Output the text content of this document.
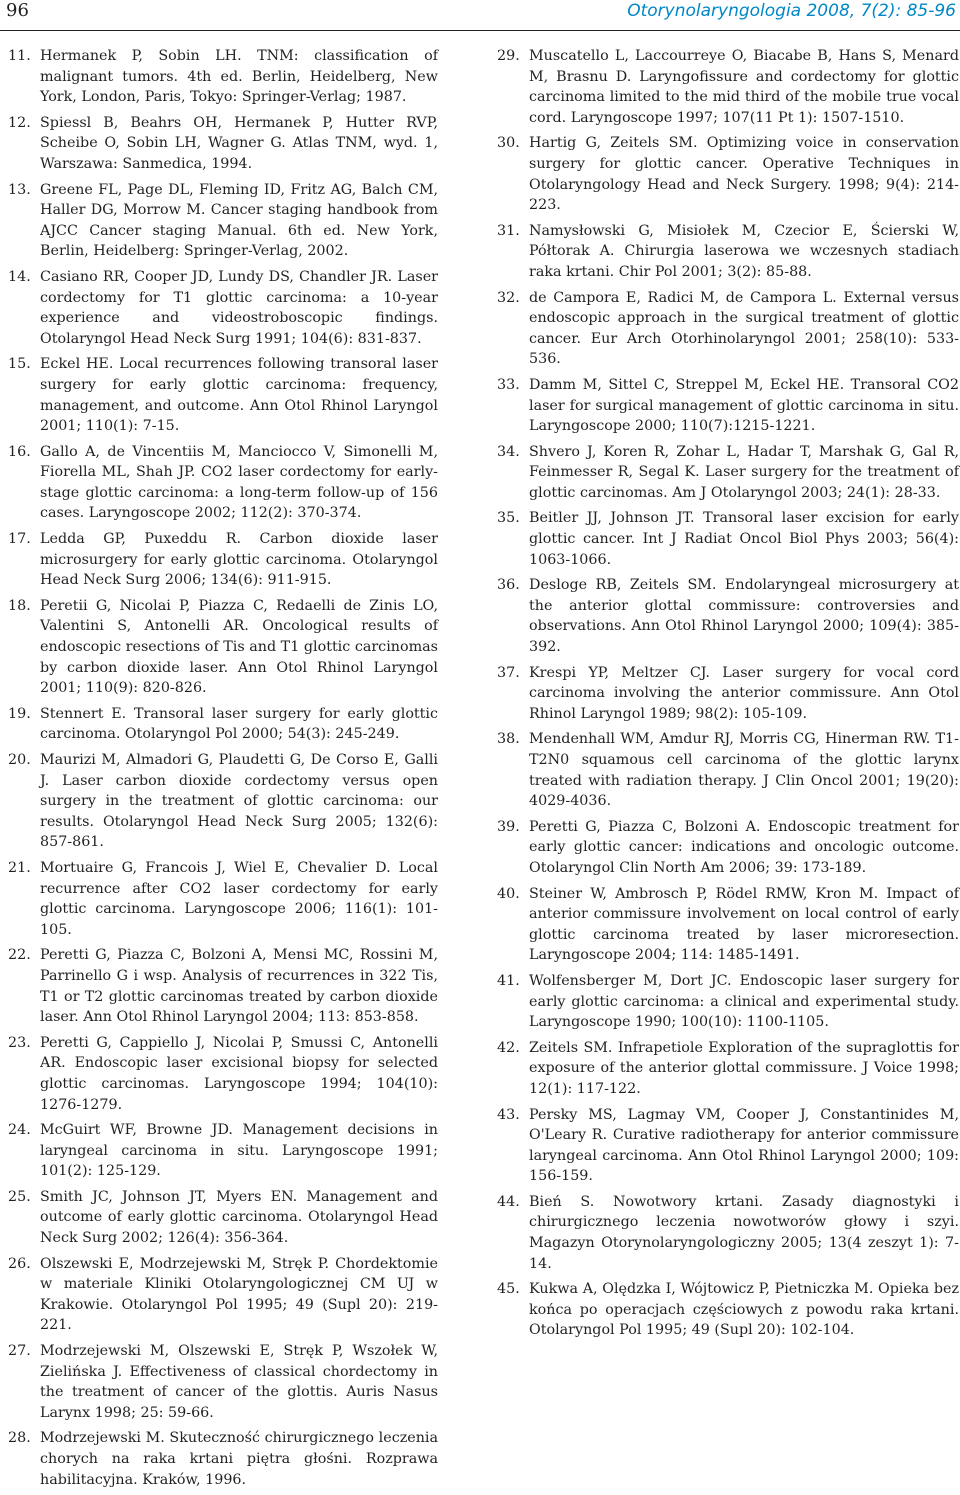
96	Otorynolaryngologia 2008, 7(2): 85-96
11. Hermanek P, Sobin LH. TNM: classification of malignant tumors. 4th ed. Berlin, Heidelberg, New York, London, Paris, Tokyo: Springer-Verlag; 1987.
12. Spiessl B, Beahrs OH, Hermanek P, Hutter RVP, Scheibe O, Sobin LH, Wagner G. Atlas TNM, wyd. 1, Warszawa: Sanmedica, 1994.
13. Greene FL, Page DL, Fleming ID, Fritz AG, Balch CM, Haller DG, Morrow M. Cancer staging handbook from AJCC Cancer staging Manual. 6th ed. New York, Berlin, Heidelberg: Springer-Verlag, 2002.
14. Casiano RR, Cooper JD, Lundy DS, Chandler JR. Laser cordectomy for T1 glottic carcinoma: a 10-year experience and videostroboscopic findings. Otolaryngol Head Neck Surg 1991; 104(6): 831-837.
15. Eckel HE. Local recurrences following transoral laser surgery for early glottic carcinoma: frequency, management, and outcome. Ann Otol Rhinol Laryngol 2001; 110(1): 7-15.
16. Gallo A, de Vincentiis M, Manciocco V, Simonelli M, Fiorella ML, Shah JP. CO2 laser cordectomy for early-stage glottic carcinoma: a long-term follow-up of 156 cases. Laryngoscope 2002; 112(2): 370-374.
17. Ledda GP, Puxeddu R. Carbon dioxide laser microsurgery for early glottic carcinoma. Otolaryngol Head Neck Surg 2006; 134(6): 911-915.
18. Peretii G, Nicolai P, Piazza C, Redaelli de Zinis LO, Valentini S, Antonelli AR. Oncological results of endoscopic resections of Tis and T1 glottic carcinomas by carbon dioxide laser. Ann Otol Rhinol Laryngol 2001; 110(9): 820-826.
19. Stennert E. Transoral laser surgery for early glottic carcinoma. Otolaryngol Pol 2000; 54(3): 245-249.
20. Maurizi M, Almadori G, Plaudetti G, De Corso E, Galli J. Laser carbon dioxide cordectomy versus open surgery in the treatment of glottic carcinoma: our results. Otolaryngol Head Neck Surg 2005; 132(6): 857-861.
21. Mortuaire G, Francois J, Wiel E, Chevalier D. Local recurrence after CO2 laser cordectomy for early glottic carcinoma. Laryngoscope 2006; 116(1): 101-105.
22. Peretti G, Piazza C, Bolzoni A, Mensi MC, Rossini M, Parrinello G i wsp. Analysis of recurrences in 322 Tis, T1 or T2 glottic carcinomas treated by carbon dioxide laser. Ann Otol Rhinol Laryngol 2004; 113: 853-858.
23. Peretti G, Cappiello J, Nicolai P, Smussi C, Antonelli AR. Endoscopic laser excisional biopsy for selected glottic carcinomas. Laryngoscope 1994; 104(10): 1276-1279.
24. McGuirt WF, Browne JD. Management decisions in laryngeal carcinoma in situ. Laryngoscope 1991; 101(2): 125-129.
25. Smith JC, Johnson JT, Myers EN. Management and outcome of early glottic carcinoma. Otolaryngol Head Neck Surg 2002; 126(4): 356-364.
26. Olszewski E, Modrzejewski M, Stręk P. Chordektomie w materiale Kliniki Otolaryngologicznej CM UJ w Krakowie. Otolaryngol Pol 1995; 49 (Supl 20): 219-221.
27. Modrzejewski M, Olszewski E, Stręk P, Wszołek W, Zielińska J. Effectiveness of classical chordectomy in the treatment of cancer of the glottis. Auris Nasus Larynx 1998; 25: 59-66.
28. Modrzejewski M. Skuteczność chirurgicznego leczenia chorych na raka krtani piętra głośni. Rozprawa habilitacyjna. Kraków, 1996.
29. Muscatello L, Laccourreye O, Biacabe B, Hans S, Menard M, Brasnu D. Laryngofissure and cordectomy for glottic carcinoma limited to the mid third of the mobile true vocal cord. Laryngoscope 1997; 107(11 Pt 1): 1507-1510.
30. Hartig G, Zeitels SM. Optimizing voice in conservation surgery for glottic cancer. Operative Techniques in Otolaryngology Head and Neck Surgery. 1998; 9(4): 214-223.
31. Namysłowski G, Misiołek M, Czecior E, Ścierski W, Półtorak A. Chirurgia laserowa we wczesnych stadiach raka krtani. Chir Pol 2001; 3(2): 85-88.
32. de Campora E, Radici M, de Campora L. External versus endoscopic approach in the surgical treatment of glottic cancer. Eur Arch Otorhinolaryngol 2001; 258(10): 533-536.
33. Damm M, Sittel C, Streppel M, Eckel HE. Transoral CO2 laser for surgical management of glottic carcinoma in situ. Laryngoscope 2000; 110(7):1215-1221.
34. Shvero J, Koren R, Zohar L, Hadar T, Marshak G, Gal R, Feinmesser R, Segal K. Laser surgery for the treatment of glottic carcinomas. Am J Otolaryngol 2003; 24(1): 28-33.
35. Beitler JJ, Johnson JT. Transoral laser excision for early glottic cancer. Int J Radiat Oncol Biol Phys 2003; 56(4): 1063-1066.
36. Desloge RB, Zeitels SM. Endolaryngeal microsurgery at the anterior glottal commissure: controversies and observations. Ann Otol Rhinol Laryngol 2000; 109(4): 385-392.
37. Krespi YP, Meltzer CJ. Laser surgery for vocal cord carcinoma involving the anterior commissure. Ann Otol Rhinol Laryngol 1989; 98(2): 105-109.
38. Mendenhall WM, Amdur RJ, Morris CG, Hinerman RW. T1-T2N0 squamous cell carcinoma of the glottic larynx treated with radiation therapy. J Clin Oncol 2001; 19(20): 4029-4036.
39. Peretti G, Piazza C, Bolzoni A. Endoscopic treatment for early glottic cancer: indications and oncologic outcome. Otolaryngol Clin North Am 2006; 39: 173-189.
40. Steiner W, Ambrosch P, Rödel RMW, Kron M. Impact of anterior commissure involvement on local control of early glottic carcinoma treated by laser microresection. Laryngoscope 2004; 114: 1485-1491.
41. Wolfensberger M, Dort JC. Endoscopic laser surgery for early glottic carcinoma: a clinical and experimental study. Laryngoscope 1990; 100(10): 1100-1105.
42. Zeitels SM. Infrapetiole Exploration of the supraglottis for exposure of the anterior glottal commissure. J Voice 1998; 12(1): 117-122.
43. Persky MS, Lagmay VM, Cooper J, Constantinides M, O'Leary R. Curative radiotherapy for anterior commissure laryngeal carcinoma. Ann Otol Rhinol Laryngol 2000; 109: 156-159.
44. Bień S. Nowotwory krtani. Zasady diagnostyki i chirurgicznego leczenia nowotworów głowy i szyi. Magazyn Otorynolaryngologiczny 2005; 13(4 zeszyt 1): 7-14.
45. Kukwa A, Olędzka I, Wójtowicz P, Pietniczka M. Opieka bez końca po operacjach częściowych z powodu raka krtani. Otolaryngol Pol 1995; 49 (Supl 20): 102-104.
